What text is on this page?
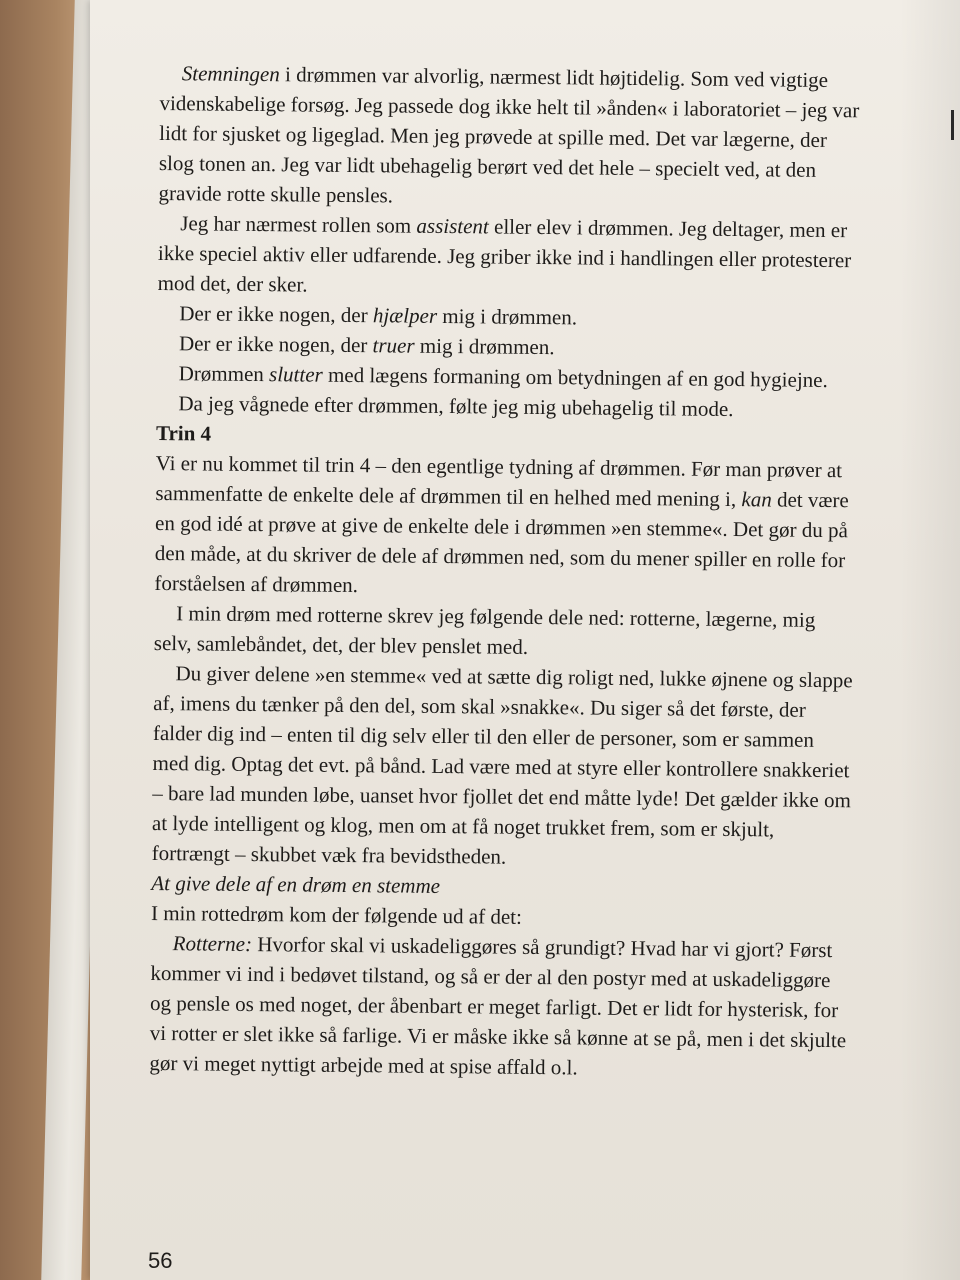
Stemningen i drømmen var alvorlig, nærmest lidt højtidelig. Som ved vigtige videnskabelige forsøg. Jeg passede dog ikke helt til »ånden« i laboratoriet – jeg var lidt for sjusket og ligeglad. Men jeg prøvede at spille med. Det var lægerne, der slog tonen an. Jeg var lidt ubehagelig berørt ved det hele – specielt ved, at den gravide rotte skulle pensles.

Jeg har nærmest rollen som assistent eller elev i drømmen. Jeg deltager, men er ikke speciel aktiv eller udfarende. Jeg griber ikke ind i handlingen eller protesterer mod det, der sker.

Der er ikke nogen, der hjælper mig i drømmen.

Der er ikke nogen, der truer mig i drømmen.

Drømmen slutter med lægens formaning om betydningen af en god hygiejne.

Da jeg vågnede efter drømmen, følte jeg mig ubehagelig til mode.

Trin 4

Vi er nu kommet til trin 4 – den egentlige tydning af drømmen. Før man prøver at sammenfatte de enkelte dele af drømmen til en helhed med mening i, kan det være en god idé at prøve at give de enkelte dele i drømmen »en stemme«. Det gør du på den måde, at du skriver de dele af drømmen ned, som du mener spiller en rolle for forståelsen af drømmen.

I min drøm med rotterne skrev jeg følgende dele ned: rotterne, lægerne, mig selv, samlebåndet, det, der blev penslet med.

Du giver delene »en stemme« ved at sætte dig roligt ned, lukke øjnene og slappe af, imens du tænker på den del, som skal »snakke«. Du siger så det første, der falder dig ind – enten til dig selv eller til den eller de personer, som er sammen med dig. Optag det evt. på bånd. Lad være med at styre eller kontrollere snakkeriet – bare lad munden løbe, uanset hvor fjollet det end måtte lyde! Det gælder ikke om at lyde intelligent og klog, men om at få noget trukket frem, som er skjult, fortrængt – skubbet væk fra bevidstheden.

At give dele af en drøm en stemme

I min rottedrøm kom der følgende ud af det:

Rotterne: Hvorfor skal vi uskadeliggøres så grundigt? Hvad har vi gjort? Først kommer vi ind i bedøvet tilstand, og så er der al den postyr med at uskadeliggøre og pensle os med noget, der åbenbart er meget farligt. Det er lidt for hysterisk, for vi rotter er slet ikke så farlige. Vi er måske ikke så kønne at se på, men i det skjulte gør vi meget nyttigt arbejde med at spise affald o.l.

56
